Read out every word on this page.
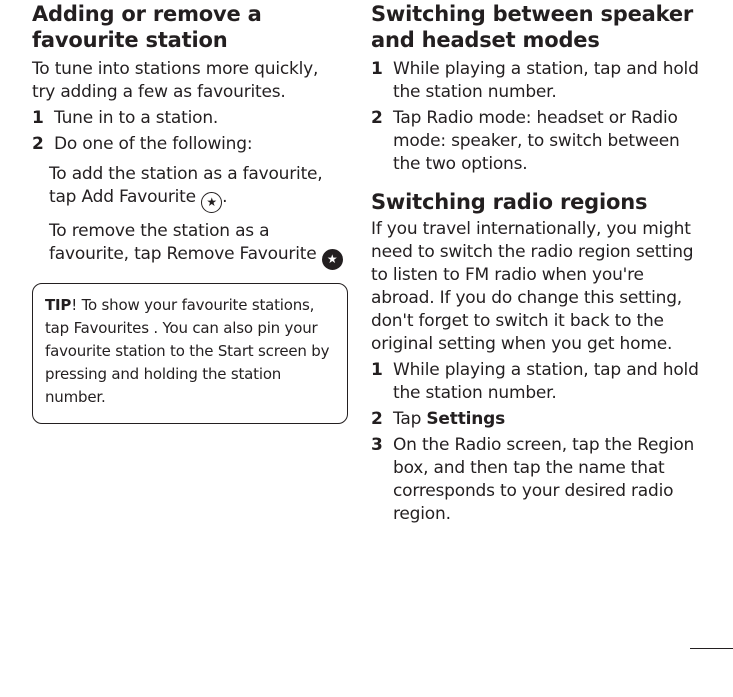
Adding or remove a favourite station

To tune into stations more quickly, try adding a few as favourites.

1 Tune in to a station.
2 Do one of the following:
To add the station as a favourite, tap Add Favourite ★ .
To remove the station as a favourite, tap Remove Favourite ★
TIP! To show your favourite stations, tap Favourites . You can also pin your favourite station to the Start screen by pressing and holding the station number.
Switching between speaker and headset modes
1 While playing a station, tap and hold the station number.
2 Tap Radio mode: headset or Radio mode: speaker, to switch between the two options.
Switching radio regions

If you travel internationally, you might need to switch the radio region setting to listen to FM radio when you're abroad. If you do change this setting, don't forget to switch it back to the original setting when you get home.

1 While playing a station, tap and hold the station number.
2 Tap Settings
3 On the Radio screen, tap the Region box, and then tap the name that corresponds to your desired radio region.
